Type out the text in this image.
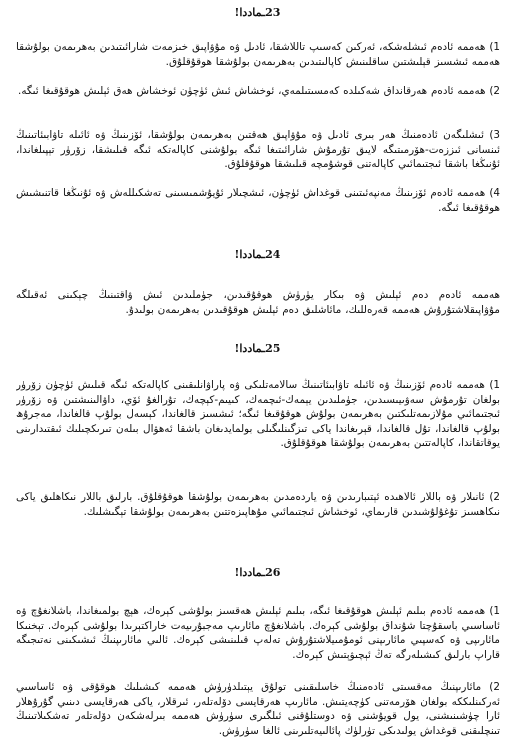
23ـماددا!
1) ھەممە ئادەم ئىشلەشكە، ئەركىن كەسىپ تاللاشقا، ئادىل ۋە مۇۋاپىق خىزمەت شارائىتىدىن بەھرىمەن بولۇشقا ھەممە ئىشسىز قېلىشتىن ساقلىنىش كاپالىتىدىن بەھرىمەن بولۇشقا ھوقۇقلۇق.
2) ھەممە ئادەم ھەرقانداق شەكىلدە كەمسىتىلمەي، ئوخشاش ئىش ئۈچۈن ئوخشاش ھەق ئېلىش ھوقۇقىغا ئىگە.
3) ئىشلىگەن ئادەمنىڭ ھەر بىرى ئادىل ۋە مۇۋاپىق ھەقتىن بەھرىمەن بولۇشقا، ئۆزىنىڭ ۋە ئائىلە تاۋابىئاتىنىڭ ئىنسانى ئىززەت-ھۆرمىتىگە لايىق تۇرمۇش شارائىتىغا ئىگە بولۇشنى كاپالەتكە ئىگە قىلىشقا، زۆرۈر تېپىلغاندا، ئۇنىڭغا باشقا ئىجتىمائىي كاپالەتنى قوشۇمچە قىلىشقا ھوقۇقلۇق.
4) ھەممە ئادەم ئۆزىنىڭ مەنپەئىتىنى قوغداش ئۈچۈن، ئىشچىلار ئۇيۇشمىسىنى تەشكىللەش ۋە ئۇنىڭغا قاتنىشىش ھوقۇقىغا ئىگە.
24ـماددا!
ھەممە ئادەم دەم ئېلىش ۋە بىكار يۈرۈش ھوقۇقىدىن، جۈملىدىن ئىش ۋاقتىنىڭ چېكىنى ئەقىلگە مۇۋاپىقلاشتۇرۇش ھەممە قەرەللىك، مائاشلىق دەم ئېلىش ھوقۇقىدىن بەھرىمەن بولىدۇ.
25ـماددا!
1) ھەممە ئادەم ئۆزىنىڭ ۋە ئائىلە تاۋابىئاتىنىڭ سالامەتلىكى ۋە پاراۋانلىقىنى كاپالەتكە ئىگە قىلىش ئۈچۈن زۆرۈر بولغان تۇرمۇش سەۋىيىسىدىن، جۈملىدىن يېمەك-ئىچمەك، كىيىم-كېچەك، تۇرالغۇ ئۆي، داۋالىنىشتىن ۋە زۆرۈر ئىجتىمائىي مۇلازىمەتلىكتىن بەھرىمەن بولۇش ھوقۇقىغا ئىگە؛ ئىشسىز قالغاندا، كېسەل بولۇپ قالغاندا، مەجرۇھ بولۇپ قالغاندا، تۇل قالغاندا، قېرىغاندا ياكى تىزگىنلىگىلى بولمايدىغان باشقا ئەھۋال بىلەن تىرىكچىلىك ئىقتىدارىنى يوقاتقاندا، كاپالەتتىن بەھرىمەن بولۇشقا ھوقۇقلۇق.
2) ئانىلار ۋە باللار ئالاھىدە ئېتىبارىدىن ۋە ياردەمدىن بەھرىمەن بولۇشقا ھوقۇقلۇق. بارلىق باللار نىكاھلىق ياكى نىكاھسىز تۇغۇلۇشىدىن قارىماي، ئوخشاش ئىجتىمائىي مۇھاپىزەتتىن بەھرىمەن بولۇشقا تېگىشلىك.
26ـماددا!
1) ھەممە ئادەم بىلىم ئېلىش ھوقۇقىغا ئىگە، بىلىم ئېلىش ھەقسىز بولۇشى كېرەك، ھېچ بولمىغاندا، باشلانغۇچ ۋە ئاساسىي باسقۇچتا شۇنداق بولۇشى كېرەك. باشلانغۇچ مائارىپ مەجبۇرىيەت خاراكتېرىدا بولۇشى كېرەك. تېخنىكا مائارىپى ۋە كەسپىي مائارىپنى ئومۇمىيلاشتۇرۇش تەلەپ قىلىنىشى كېرەك. ئالىي مائارىپنىڭ ئىشىكىنى نەتىجىگە قاراپ بارلىق كىشىلەرگە تەڭ ئېچىۋېتىش كېرەك.
2) مائارىپنىڭ مەقسىتى ئادەمنىڭ خاسلىقىنى تولۇق يېتىلدۈرۈش ھەممە كىشىلىك ھوقۇقى ۋە ئاساسىي ئەركىنلىككە بولغان ھۆرمەتنى كۈچەيتىش. مائارىپ ھەرقايسى دۆلەتلەر، ئىرقلار، ياكى ھەرقايسى دىنىي گۇرۇھلار ئارا چۈشىنىشنى، يول قويۇشنى ۋە دوستلۇقنى ئىلگىرى سۈرۈش ھەممە بىرلەشكەن دۆلەتلەر تەشكىلاتىنىڭ تىنچلىقنى قوغداش يولىدىكى تۈرلۈك پائالىيەتلىرىنى ئالغا سۈرۈش.
